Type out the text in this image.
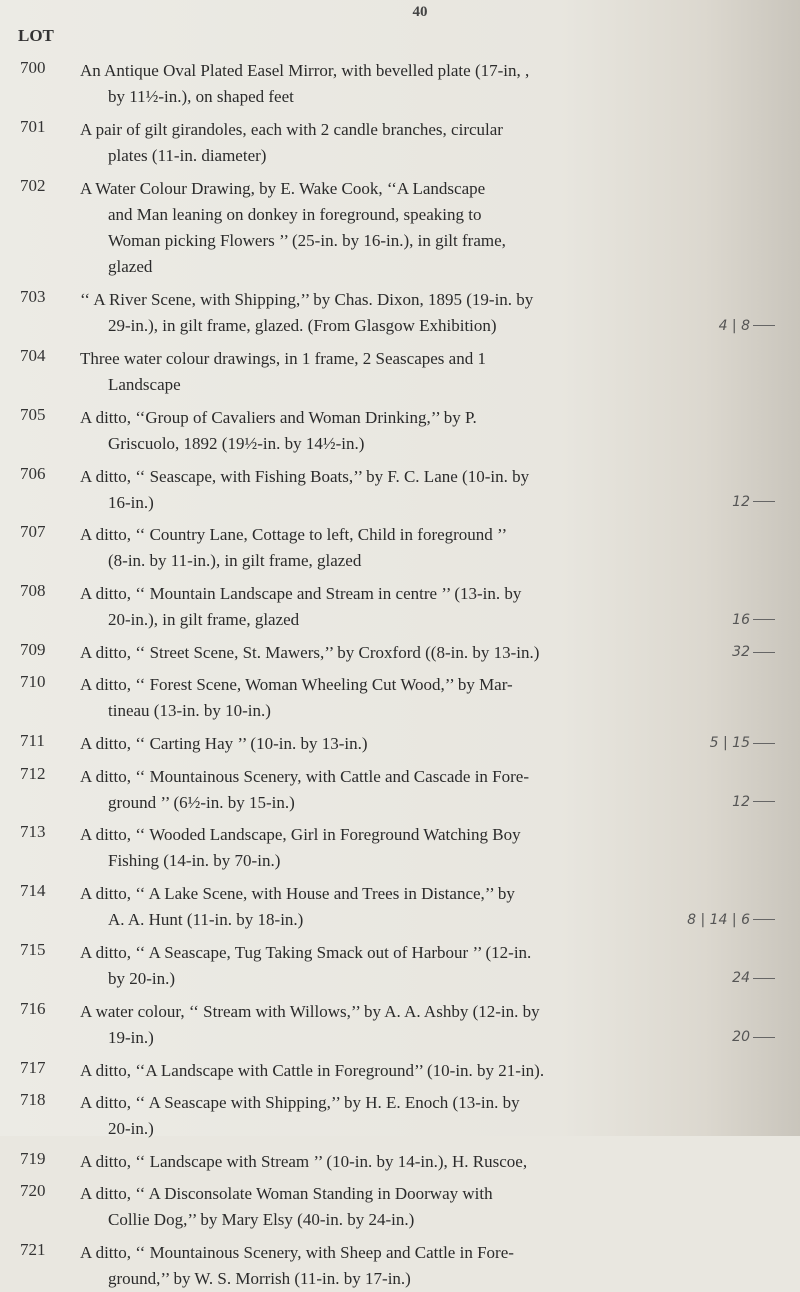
40
LOT
700 An Antique Oval Plated Easel Mirror, with bevelled plate (17-in, ,

by 11½-in.), on shaped feet

701 A pair of gilt girandoles, each with 2 candle branches, circular

plates (11-in. diameter)

702 A Water Colour Drawing, by E. Wake Cook, ‘‘A Landscape

and Man leaning on donkey in foreground, speaking to

Woman picking Flowers ’’ (25-in. by 16-in.), in gilt frame,

glazed

703 ‘‘ A River Scene, with Shipping,’’ by Chas. Dixon, 1895 (19-in. by

29-in.), in gilt frame, glazed. (From Glasgow Exhibition)	4 | 8
704 Three water colour drawings, in 1 frame, 2 Seascapes and 1

Landscape

705 A ditto, ‘‘Group of Cavaliers and Woman Drinking,’’ by P.

Griscuolo, 1892 (19½-in. by 14½-in.)

706 A ditto, ‘‘ Seascape, with Fishing Boats,’’ by F. C. Lane (10-in. by

16-in.)	12
707 A ditto, ‘‘ Country Lane, Cottage to left, Child in foreground ’’

(8-in. by 11-in.), in gilt frame, glazed

708 A ditto, ‘‘ Mountain Landscape and Stream in centre ’’ (13-in. by

20-in.), in gilt frame, glazed	16
709 A ditto, ‘‘ Street Scene, St. Mawers,’’ by Croxford ((8-in. by 13-in.)	32
710 A ditto, ‘‘ Forest Scene, Woman Wheeling Cut Wood,’’ by Mar-

tineau (13-in. by 10-in.)

711 A ditto, ‘‘ Carting Hay ’’ (10-in. by 13-in.)	5 | 15
712 A ditto, ‘‘ Mountainous Scenery, with Cattle and Cascade in Fore-

ground ’’ (6½-in. by 15-in.)	12
713 A ditto, ‘‘ Wooded Landscape, Girl in Foreground Watching Boy

Fishing (14-in. by 70-in.)

714 A ditto, ‘‘ A Lake Scene, with House and Trees in Distance,’’ by

A. A. Hunt (11-in. by 18-in.)	8 | 14 | 6
715 A ditto, ‘‘ A Seascape, Tug Taking Smack out of Harbour ’’ (12-in.

by 20-in.)	24
716 A water colour, ‘‘ Stream with Willows,’’ by A. A. Ashby (12-in. by

19-in.)	20
717 A ditto, ‘‘A Landscape with Cattle in Foreground’’ (10-in. by 21-in).

718 A ditto, ‘‘ A Seascape with Shipping,’’ by H. E. Enoch (13-in. by

20-in.)

719 A ditto, ‘‘ Landscape with Stream ’’ (10-in. by 14-in.), H. Ruscoe,

720 A ditto, ‘‘ A Disconsolate Woman Standing in Doorway with

Collie Dog,’’ by Mary Elsy (40-in. by 24-in.)

721 A ditto, ‘‘ Mountainous Scenery, with Sheep and Cattle in Fore-

ground,’’ by W. S. Morrish (11-in. by 17-in.)
